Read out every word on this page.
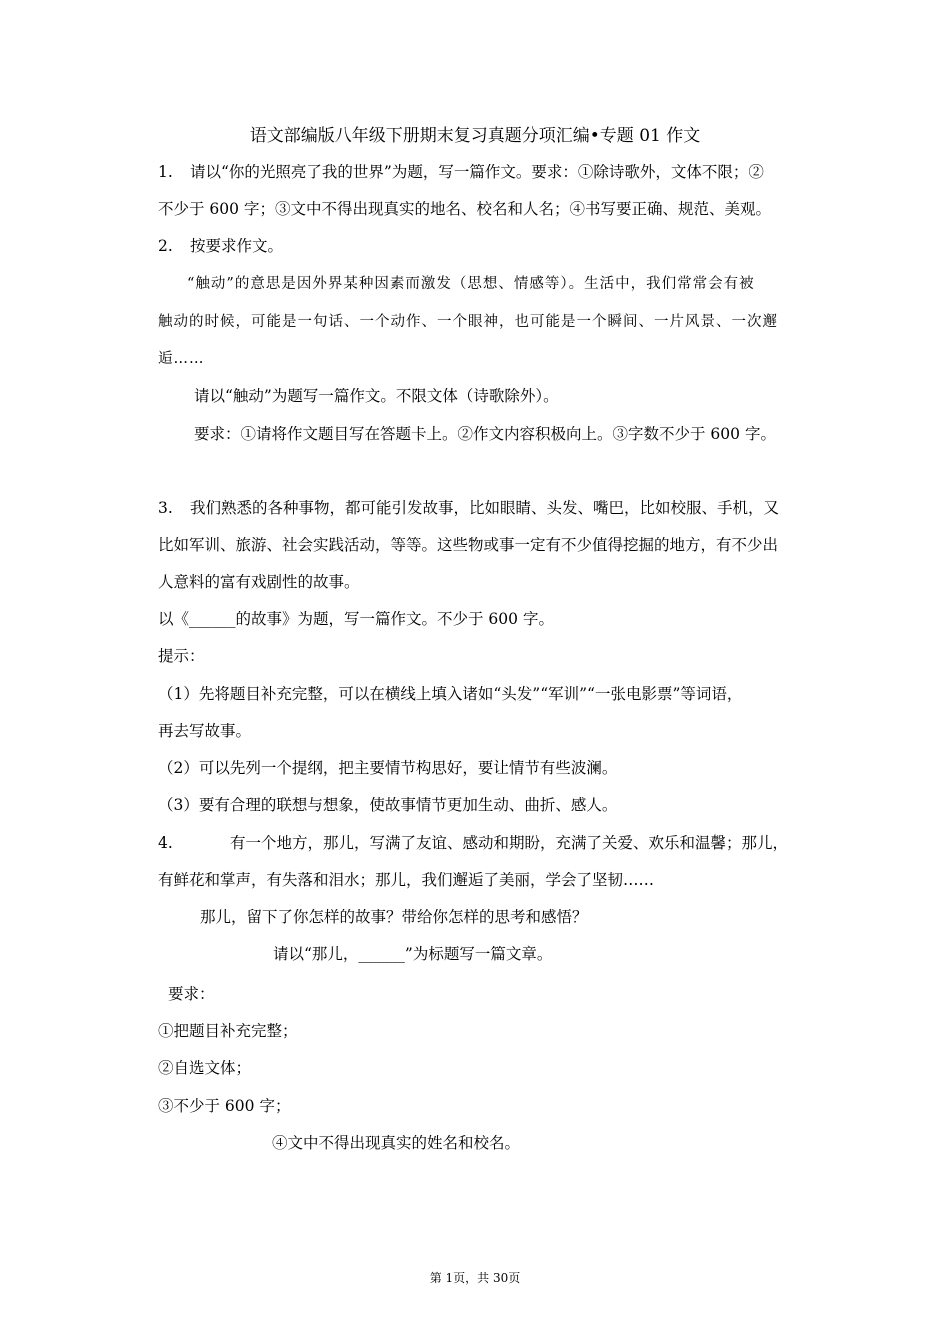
语文部编版八年级下册期末复习真题分项汇编•专题 01 作文
1. 请以“你的光照亮了我的世界”为题，写一篇作文。要求：①除诗歌外，文体不限；②
不少于 600 字；③文中不得出现真实的地名、校名和人名；④书写要正确、规范、美观。
2. 按要求作文。
“触动”的意思是因外界某种因素而激发（思想、情感等）。生活中，我们常常会有被
触动的时候，可能是一句话、一个动作、一个眼神，也可能是一个瞬间、一片风景、一次邂
逅……
请以“触动”为题写一篇作文。不限文体（诗歌除外）。
要求：①请将作文题目写在答题卡上。②作文内容积极向上。③字数不少于 600 字。
3. 我们熟悉的各种事物，都可能引发故事，比如眼睛、头发、嘴巴，比如校服、手机，又
比如军训、旅游、社会实践活动，等等。这些物或事一定有不少值得挖掘的地方，有不少出
人意料的富有戏剧性的故事。
以《______的故事》为题，写一篇作文。不少于 600 字。
提示：
（1）先将题目补充完整，可以在横线上填入诸如“头发”“军训”“一张电影票”等词语，
再去写故事。
（2）可以先列一个提纲，把主要情节构思好，要让情节有些波澜。
（3）要有合理的联想与想象，使故事情节更加生动、曲折、感人。
4.	有一个地方，那儿，写满了友谊、感动和期盼，充满了关爱、欢乐和温馨；那儿，
有鲜花和掌声，有失落和泪水；那儿，我们邂逅了美丽，学会了坚韧……
那儿，留下了你怎样的故事？带给你怎样的思考和感悟？
请以“那儿，______”为标题写一篇文章。
要求：
①把题目补充完整；
②自选文体；
③不少于 600 字；
④文中不得出现真实的姓名和校名。
第 1页，共 30页
